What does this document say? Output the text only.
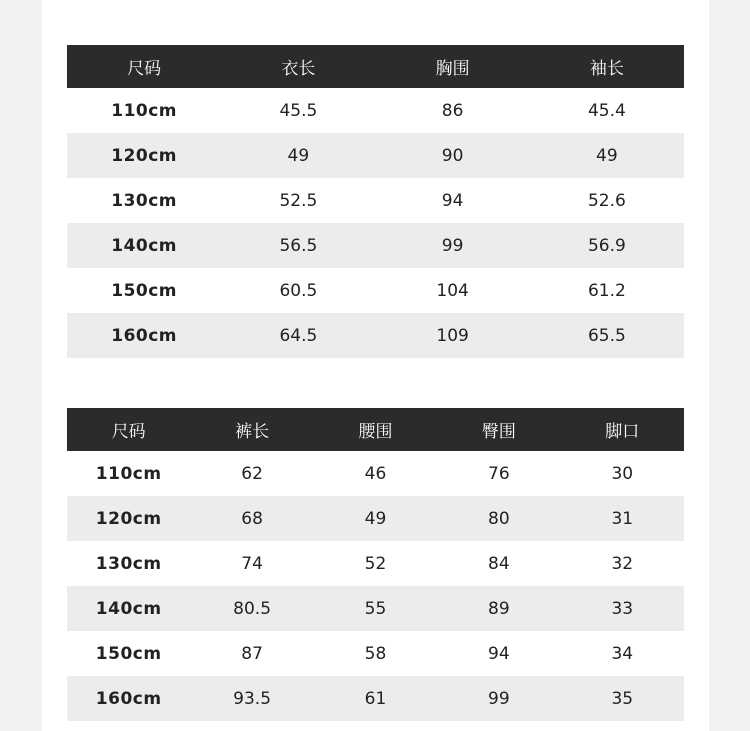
尺码	衣长	胸围	袖长
110cm	45.5	86	45.4
120cm	49	90	49
130cm	52.5	94	52.6
140cm	56.5	99	56.9
150cm	60.5	104	61.2
160cm	64.5	109	65.5
尺码	裤长	腰围	臀围	脚口
110cm	62	46	76	30
120cm	68	49	80	31
130cm	74	52	84	32
140cm	80.5	55	89	33
150cm	87	58	94	34
160cm	93.5	61	99	35
